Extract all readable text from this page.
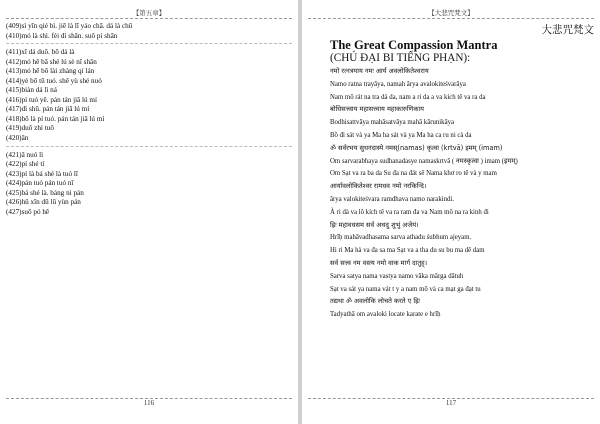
【第五章】
(409)sì yīn qié bì. jiē là lī yáo chā. dá là chū
(410)mó là shì. fèi dì shān. suō pí shān
(411)xī dá duō. bō dá là
(412)mó hē bā shé lú sè nī shān
(413)mó hē bō lài zhàng qí lán
(414)yè bō tū tuó. shě yù shé nuó
(415)biàn dá lì ná
(416)pí tuó yē. pán tán jiā lú mí
(417)dì shū. pán tán jiā lú mí
(418)bō là pí tuó. pán tán jiā lú mí
(419)duō zhí tuō
(420)ān
(421)ā nuó lì
(422)pí shé tí
(423)pí là bá shé là tuó lī
(424)pán tuó pán tuó nī
(425)bá shé là. báng nì pán
(426)hǔ xīn dū lū yùn pán
(427)suō pó hē
116
【大悲咒梵文】
大悲咒梵文
The Great Compassion Mantra
(CHÚ ĐẠI BI TIẾNG PHẠN):
नमो रत्नत्रयाय नमः आर्य अवलोकितेश्वराय
Namo ratna trayāya, namah ārya avalokiteśvarāya
Nam mô rát na tra dá da, nam a ri da a va kích tê va ra da
बोधिसत्त्वाय महासत्त्वाय महाकारुणिकाय
Bodhisattvāya mahāsatvāya mahā kārunikāya
Bồ đi sát và ya Ma ha sát và ya Ma ha ca ru ni cà da
ॐ सर्वरभय सुधनदास्ये नमस्‌(namas) कृत्वा (krtvā) इमम्‌ (imam)
Om sarvarabhaya sudhanadasye namaskrtvā ( नमस्कृत्वा ) imam (इमम्)
Om Sạt va ra ba da Su đa na đát sê Nama khơ ro tê và y mam
आर्यावलोकितेश्वर रामधव नमो नरकिन्दि।
ārya valokiteśvara ramdhava namo narakindi.
À ri dà va lô kích tê va ra ram đa va Nam mô na ra kinh đi
ह्रिः महावधसम सर्व अथदु शुभुं अजेयं।
Hrīḥ mahāvadhasama sarva athadu śubhum ajeyam.
Hi ri Ma hà va đa sa ma Sạt va a tha du su bu ma dê dam
सर्व सत्त्व नम वस्त्य नमो वाक मार्ग दातुह्।
Sarva satya nama vastya namo vāka mārga dātuh
Sạt va sát ya nama vát t y a nam mô và ca mạt ga đạt tu
तद्यथा ॐ अवलोकि लोचते करते ए ह्रिः
Tadyathā om avaloki locate karate e hrīḥ
117
